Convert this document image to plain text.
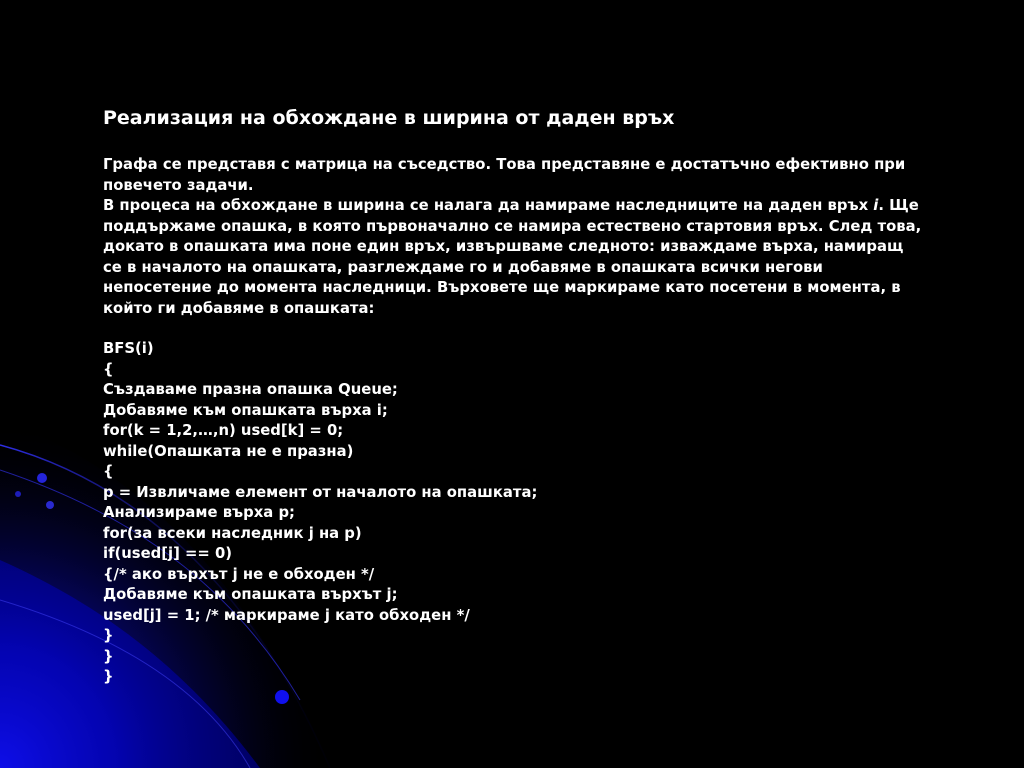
Реализация на обхождане в ширина от даден връх
Графа се представя с матрица на съседство. Това представяне е достатъчно ефективно при
повечето задачи.
В процеса на обхождане в ширина се налага да намираме наследниците на даден връх i. Ще
поддържаме опашка, в която първоначално се намира естествено стартовия връх. След това,
докато в опашката има поне един връх, извършваме следното: изваждаме върха, намиращ
се в началото на опашката, разглеждаме го и добавяме в опашката всички негови
непосетение до момента наследници. Върховете ще маркираме като посетени в момента, в
който ги добавяме в опашката:
BFS(i)
{
Създаваме празна опашка Queue;
Добавяме към опашката върха i;
for(k = 1,2,…,n) used[k] = 0;
while(Опашката не е празна)
{
p = Извличаме елемент от началото на опашката;
Анализираме върха p;
for(за всеки наследник j на p)
if(used[j] == 0)
{/* ако върхът j не е обходен */
Добавяме към опашката върхът j;
used[j] = 1; /* маркираме j като обходен */
}
}
}
